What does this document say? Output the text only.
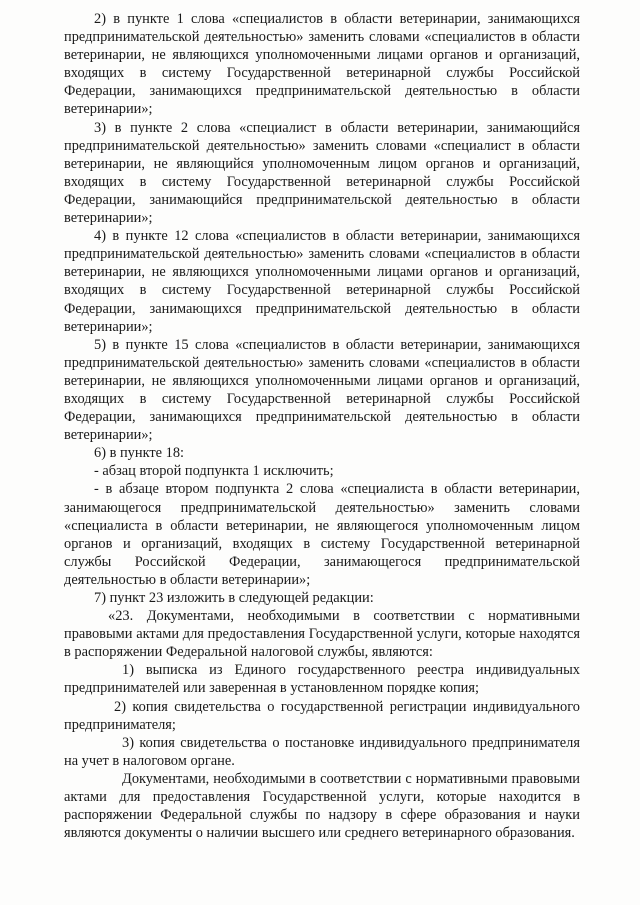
2) в пункте 1 слова «специалистов в области ветеринарии, занимающихся предпринимательской деятельностью» заменить словами «специалистов в области ветеринарии, не являющихся уполномоченными лицами органов и организаций, входящих в систему Государственной ветеринарной службы Российской Федерации, занимающихся предпринимательской деятельностью в области ветеринарии»;

3) в пункте 2 слова «специалист в области ветеринарии, занимающийся предпринимательской деятельностью» заменить словами «специалист в области ветеринарии, не являющийся уполномоченным лицом органов и организаций, входящих в систему Государственной ветеринарной службы Российской Федерации, занимающийся предпринимательской деятельностью в области ветеринарии»;

4) в пункте 12 слова «специалистов в области ветеринарии, занимающихся предпринимательской деятельностью» заменить словами «специалистов в области ветеринарии, не являющихся уполномоченными лицами органов и организаций, входящих в систему Государственной ветеринарной службы Российской Федерации, занимающихся предпринимательской деятельностью в области ветеринарии»;

5) в пункте 15 слова «специалистов в области ветеринарии, занимающихся предпринимательской деятельностью» заменить словами «специалистов в области ветеринарии, не являющихся уполномоченными лицами органов и организаций, входящих в систему Государственной ветеринарной службы Российской Федерации, занимающихся предпринимательской деятельностью в области ветеринарии»;

6) в пункте 18:

- абзац второй подпункта 1 исключить;

- в абзаце втором подпункта 2 слова «специалиста в области ветеринарии, занимающегося предпринимательской деятельностью» заменить словами «специалиста в области ветеринарии, не являющегося уполномоченным лицом органов и организаций, входящих в систему Государственной ветеринарной службы Российской Федерации, занимающегося предпринимательской деятельностью в области ветеринарии»;

7) пункт 23 изложить в следующей редакции:

«23. Документами, необходимыми в соответствии с нормативными правовыми актами для предоставления Государственной услуги, которые находятся в распоряжении Федеральной налоговой службы, являются:

1) выписка из Единого государственного реестра индивидуальных предпринимателей или заверенная в установленном порядке копия;

2) копия свидетельства о государственной регистрации индивидуального предпринимателя;

3) копия свидетельства о постановке индивидуального предпринимателя на учет в налоговом органе.

Документами, необходимыми в соответствии с нормативными правовыми актами для предоставления Государственной услуги, которые находится в распоряжении Федеральной службы по надзору в сфере образования и науки являются документы о наличии высшего или среднего ветеринарного образования.
